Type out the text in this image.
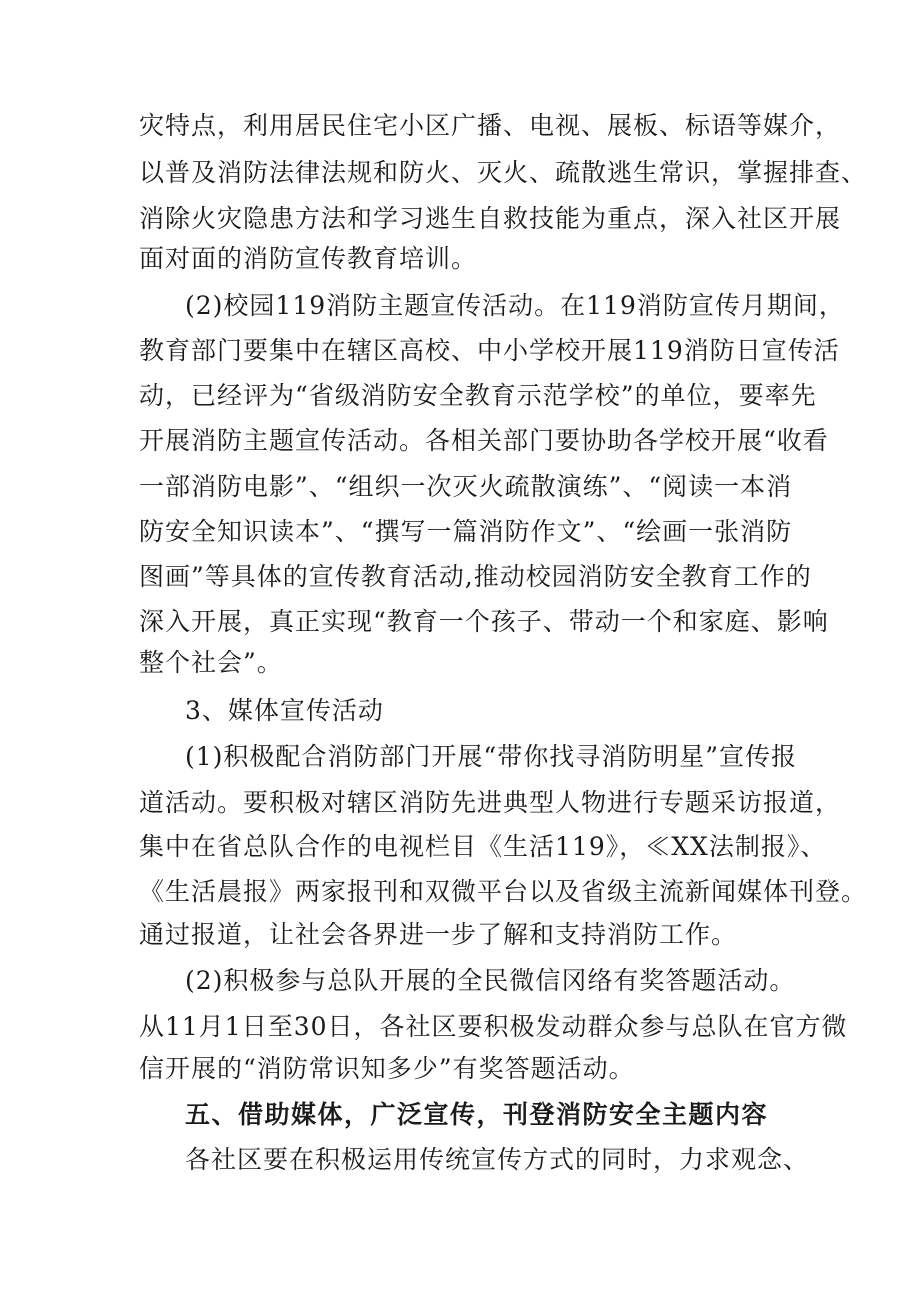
灾特点，利用居民住宅小区广播、电视、展板、标语等媒介，
以普及消防法律法规和防火、灭火、疏散逃生常识，掌握排查、
消除火灾隐患方法和学习逃生自救技能为重点，深入社区开展
面对面的消防宣传教育培训。
(2)校园119消防主题宣传活动。在119消防宣传月期间，
教育部门要集中在辖区高校、中小学校开展119消防日宣传活
动，已经评为“省级消防安全教育示范学校”的单位，要率先
开展消防主题宣传活动。各相关部门要协助各学校开展“收看
一部消防电影”、“组织一次灭火疏散演练”、“阅读一本消
防安全知识读本”、“撰写一篇消防作文”、“绘画一张消防
图画”等具体的宣传教育活动,推动校园消防安全教育工作的
深入开展，真正实现“教育一个孩子、带动一个和家庭、影响
整个社会”。
3、媒体宣传活动
(1)积极配合消防部门开展“带你找寻消防明星”宣传报
道活动。要积极对辖区消防先进典型人物进行专题采访报道，
集中在省总队合作的电视栏目《生活119》，≪XX法制报》、
《生活晨报》两家报刊和双微平台以及省级主流新闻媒体刊登。
通过报道，让社会各界进一步了解和支持消防工作。
(2)积极参与总队开展的全民微信冈络有奖答题活动。
从11月1日至30日，各社区要积极发动群众参与总队在官方微
信开展的“消防常识知多少”有奖答题活动。
五、借助媒体，广泛宣传，刊登消防安全主题内容
各社区要在积极运用传统宣传方式的同时，力求观念、
